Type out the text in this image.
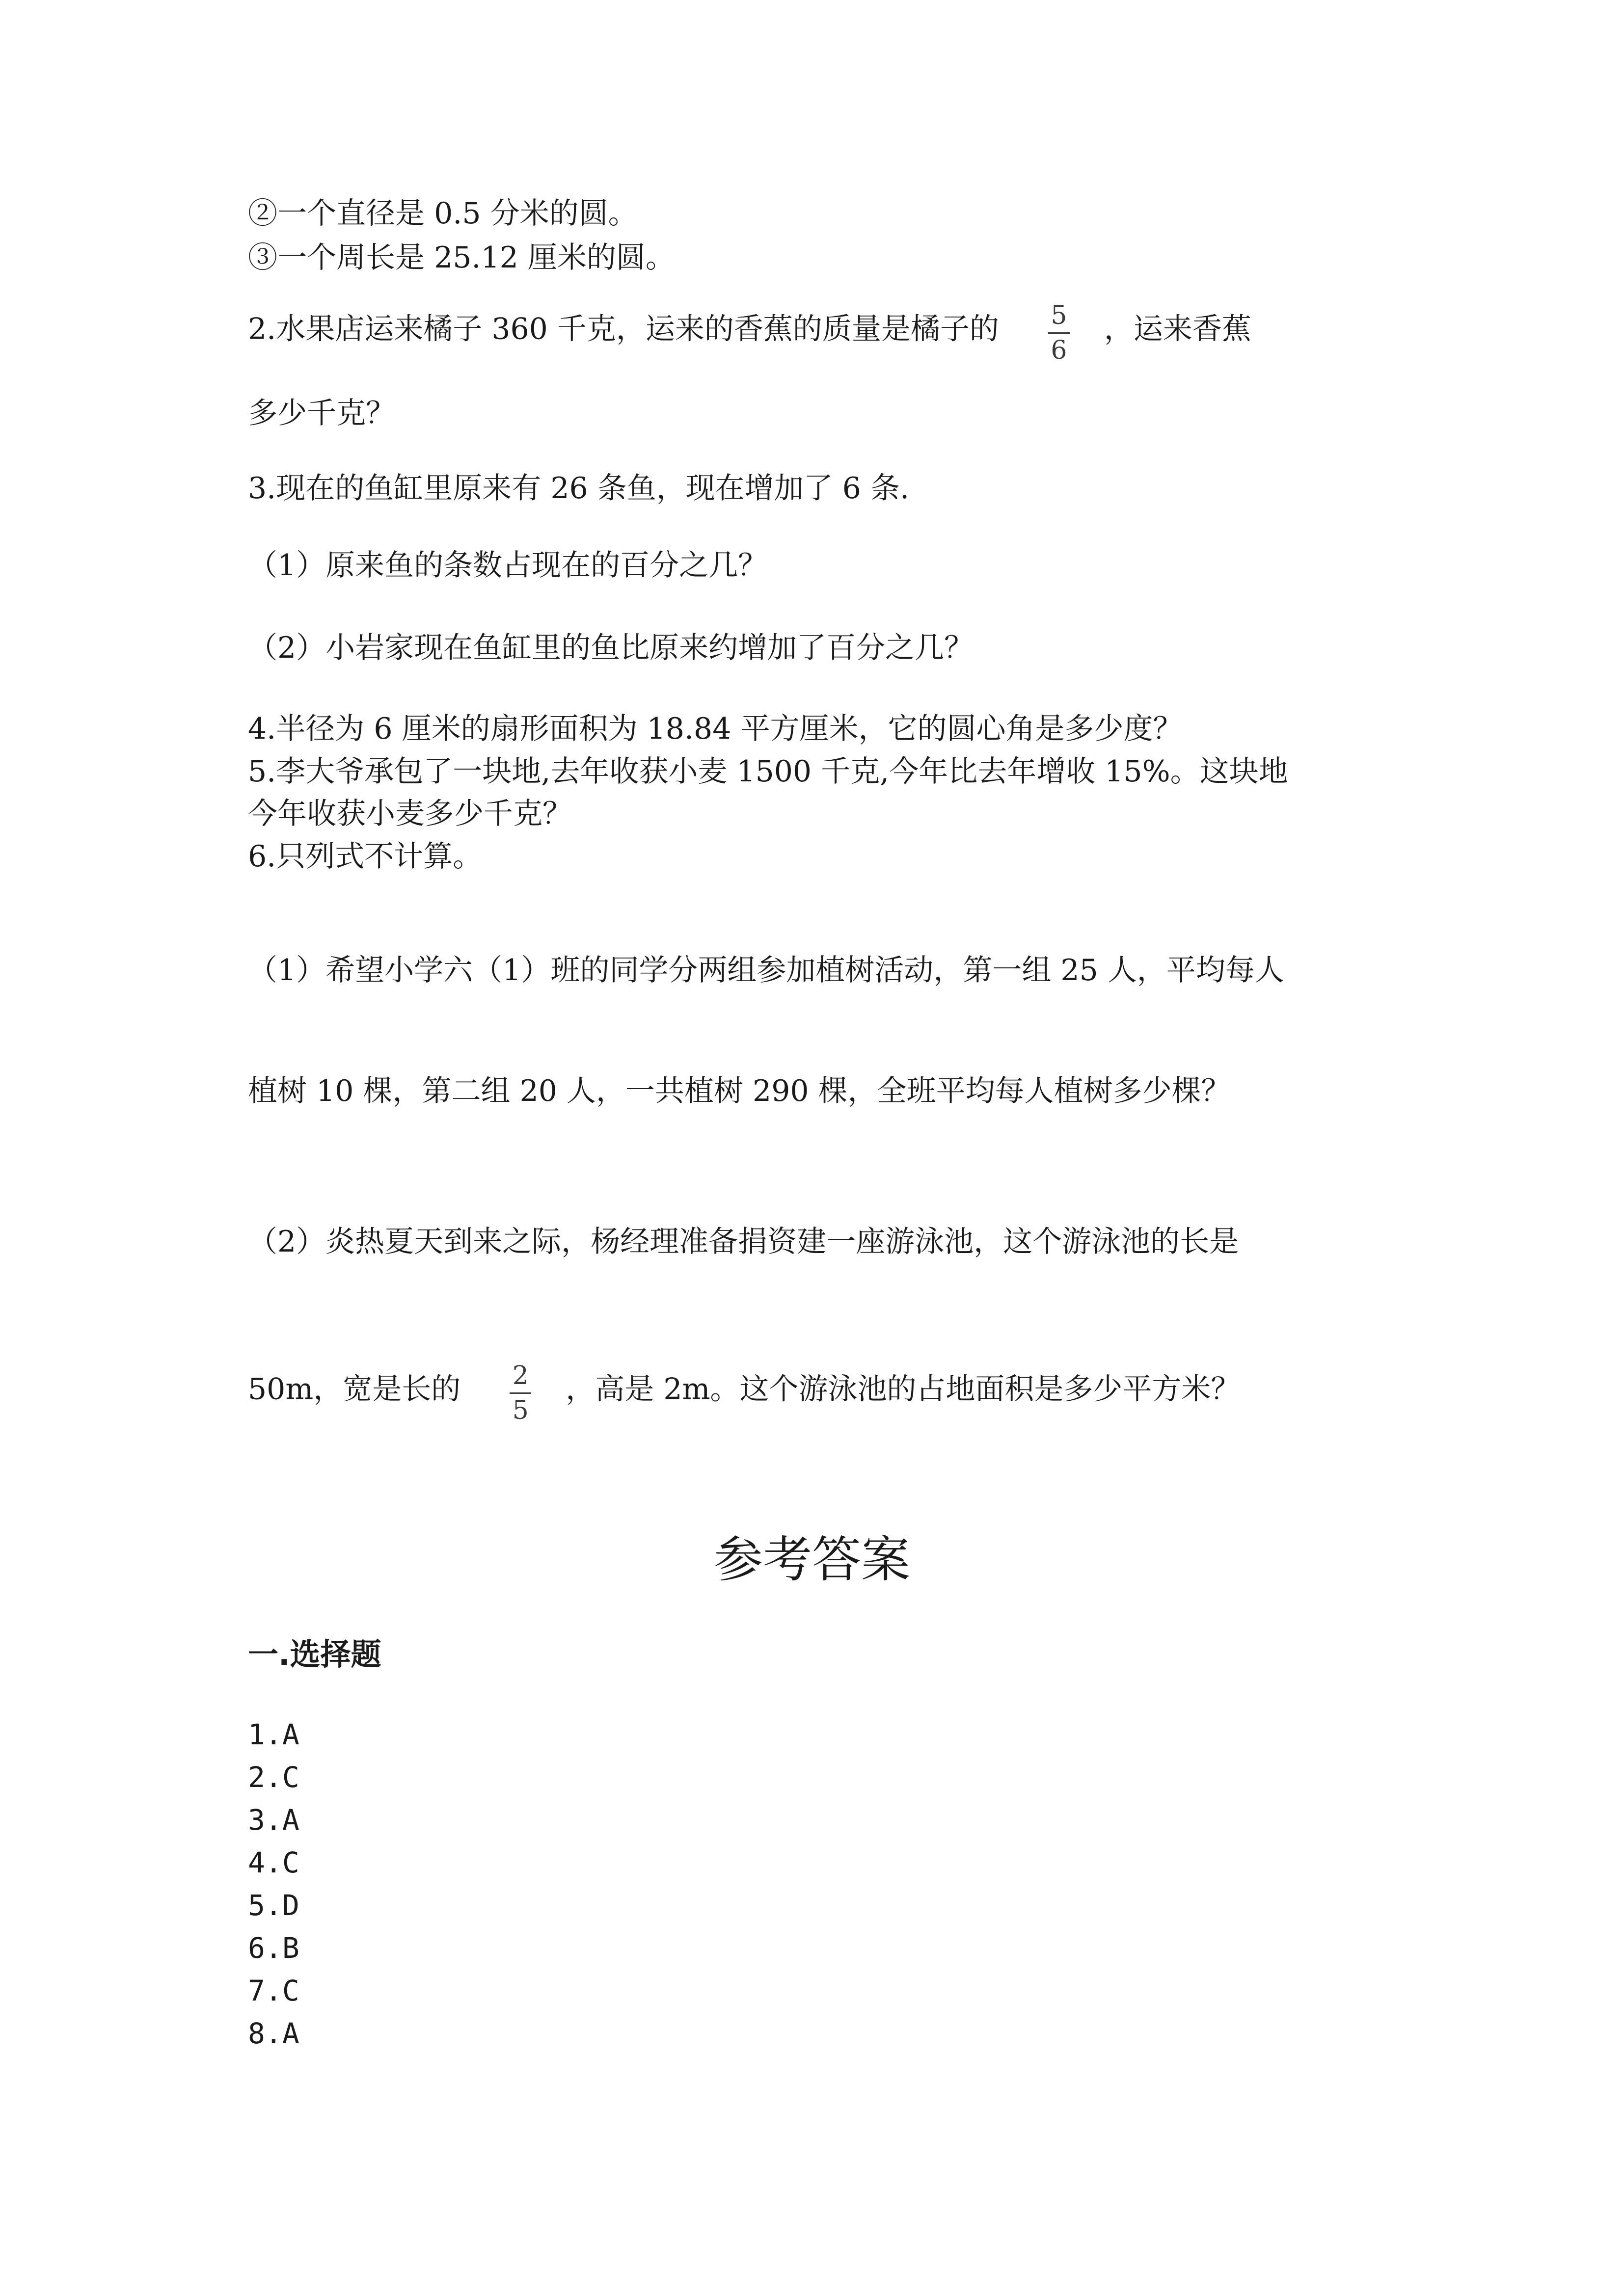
②一个直径是 0.5 分米的圆。
③一个周长是 25.12 厘米的圆。
2.水果店运来橘子 360 千克，运来的香蕉的质量是橘子的 $\frac{5}{6}$ ，运来香蕉
多少千克？
3.现在的鱼缸里原来有 26 条鱼，现在增加了 6 条.
（1）原来鱼的条数占现在的百分之几？
（2）小岩家现在鱼缸里的鱼比原来约增加了百分之几？
4.半径为 6 厘米的扇形面积为 18.84 平方厘米，它的圆心角是多少度？
5.李大爷承包了一块地,去年收获小麦 1500 千克,今年比去年增收 15%。这块地
今年收获小麦多少千克？
6.只列式不计算。
（1）希望小学六（1）班的同学分两组参加植树活动，第一组 25 人，平均每人
植树 10 棵，第二组 20 人，一共植树 290 棵，全班平均每人植树多少棵？
（2）炎热夏天到来之际，杨经理准备捐资建一座游泳池，这个游泳池的长是
50m，宽是长的 $\frac{2}{5}$ ，高是 2m。这个游泳池的占地面积是多少平方米？
参考答案
一.选择题
1.A
2.C
3.A
4.C
5.D
6.B
7.C
8.A
